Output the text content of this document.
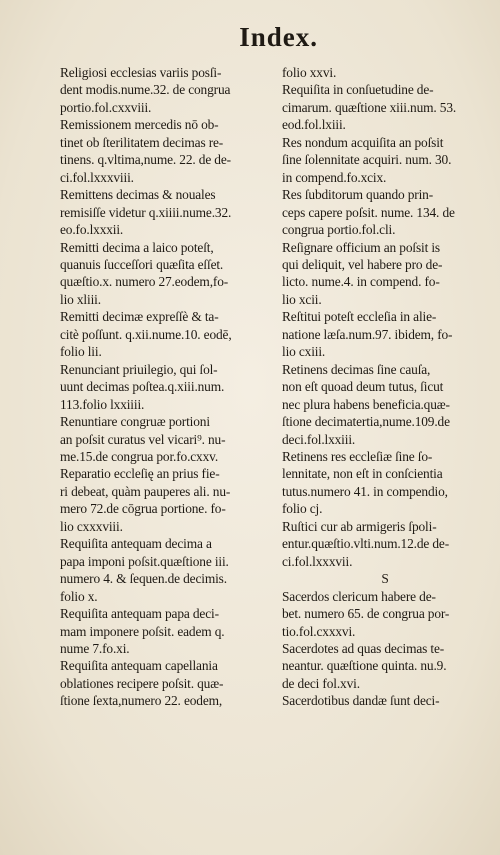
Index.
Religiosi ecclesias variis posſi-
dent modis.nume.32. de congrua
portio.fol.cxxviii.
Remissionem mercedis nō ob-
tinet ob ſterilitatem decimas re-
tinens. q.vltima,nume. 22. de de-
ci.fol.lxxxviii.
Remittens decimas & nouales
remisiſſe videtur q.xiiii.nume.32.
eo.fo.lxxxii.
Remitti decima a laico poteſt,
quanuis ſucceſſori quæſita eſſet.
quæſtio.x. numero 27.eodem,fo-
lio xliii.
Remitti decimæ expreſſè & ta-
citè poſſunt. q.xii.nume.10. eodē,
folio lii.
Renunciant priuilegio, qui ſol-
uunt decimas poſtea.q.xiii.num.
113.folio lxxiiii.
Renuntiare congruæ portioni
an poſsit curatus vel vicari⁹. nu-
me.15.de congrua por.fo.cxxv.
Reparatio eccleſię an prius fie-
ri debeat, quàm pauperes ali. nu-
mero 72.de cōgrua portione. fo-
lio cxxxviii.
Requiſita antequam decima a
papa imponi poſsit.quæſtione iii.
numero 4. & ſequen.de decimis.
folio x.
Requiſita antequam papa deci-
mam imponere poſsit. eadem q.
nume 7.fo.xi.
Requiſita antequam capellania
oblationes recipere poſsit. quæ-
ſtione ſexta,numero 22. eodem,
folio xxvi.
Requiſita in conſuetudine de-
cimarum. quæſtione xiii.num. 53.
eod.fol.lxiii.
Res nondum acquiſita an poſsit
ſine ſolennitate acquiri. num. 30.
in compend.fo.xcix.
Res ſubditorum quando prin-
ceps capere poſsit. nume. 134. de
congrua portio.fol.cli.
Reſignare officium an poſsit is
qui deliquit, vel habere pro de-
licto. nume.4. in compend. fo-
lio xcii.
Reſtitui poteſt eccleſia in alie-
natione læſa.num.97. ibidem, fo-
lio cxiii.
Retinens decimas ſine cauſa,
non eſt quoad deum tutus, ſicut
nec plura habens beneficia.quæ-
ſtione decimatertia,nume.109.de
deci.fol.lxxiii.
Retinens res eccleſiæ ſine ſo-
lennitate, non eſt in conſcientia
tutus.numero 41. in compendio,
folio cj.
Ruſtici cur ab armigeris ſpoli-
entur.quæſtio.vlti.num.12.de de-
ci.fol.lxxxvii.
S
Sacerdos clericum habere de-
bet. numero 65. de congrua por-
tio.fol.cxxxvi.
Sacerdotes ad quas decimas te-
neantur. quæſtione quinta. nu.9.
de deci fol.xvi.
Sacerdotibus dandæ ſunt deci-
